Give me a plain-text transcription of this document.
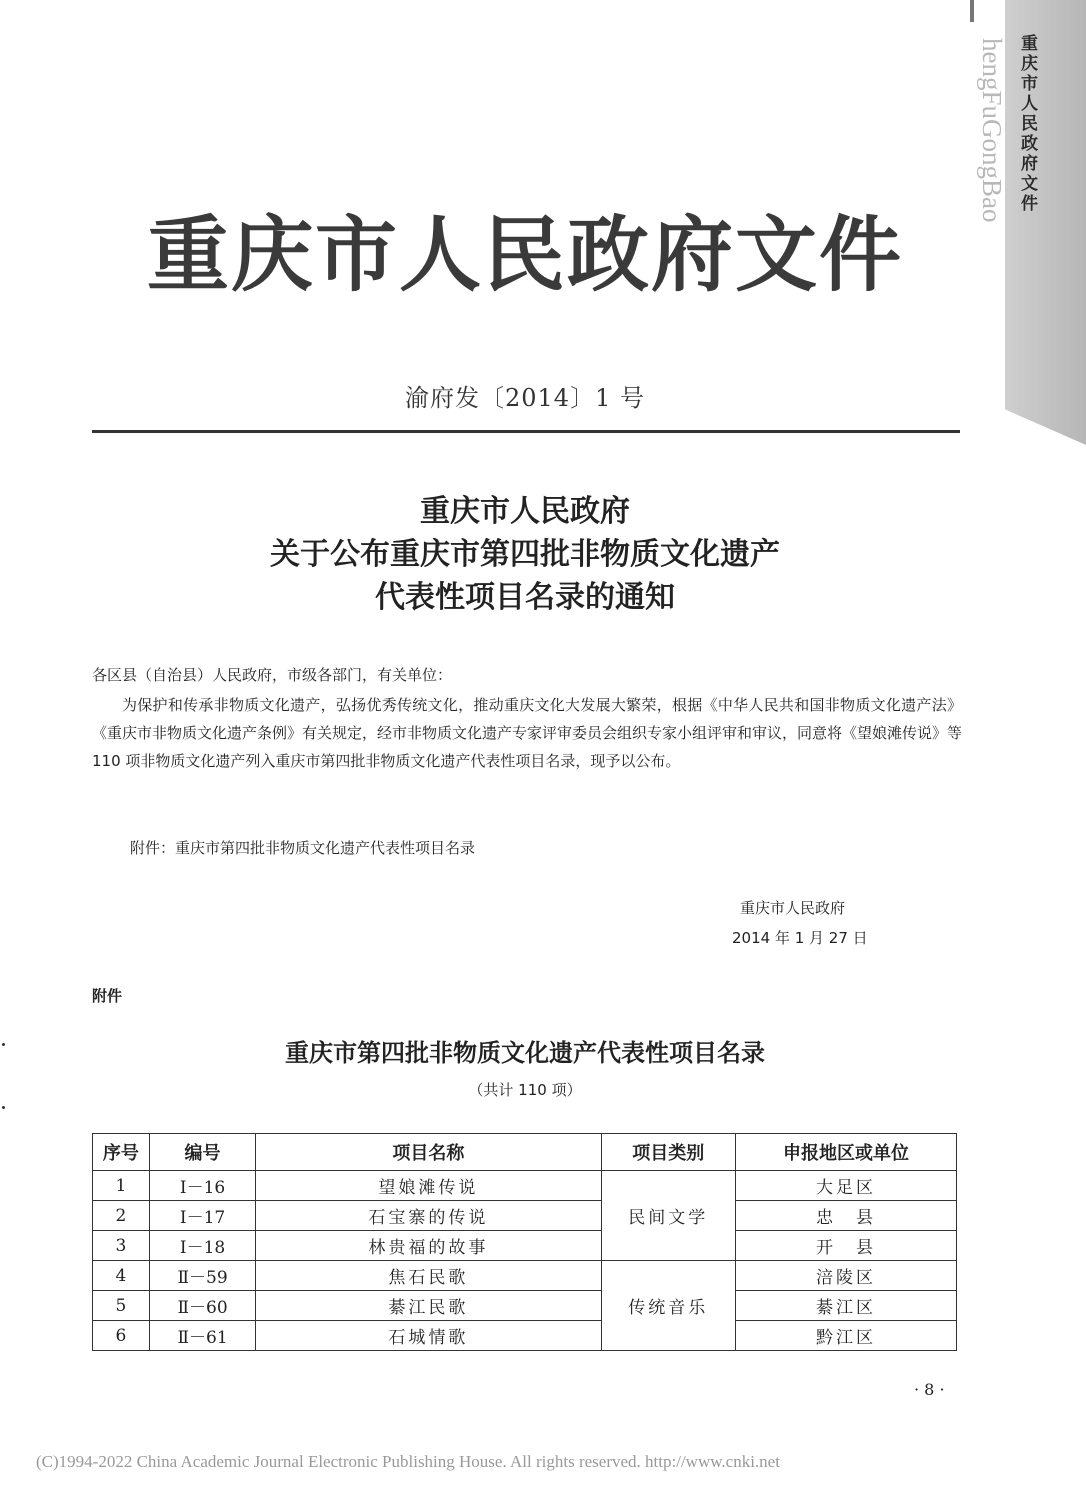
重庆市人民政府文件
hengFuGongBao
重庆市人民政府文件
渝府发〔2014〕1 号
重庆市人民政府
关于公布重庆市第四批非物质文化遗产
代表性项目名录的通知
各区县（自治县）人民政府，市级各部门，有关单位：
为保护和传承非物质文化遗产，弘扬优秀传统文化，推动重庆文化大发展大繁荣，根据《中华人民共和国非物质文化遗产法》《重庆市非物质文化遗产条例》有关规定，经市非物质文化遗产专家评审委员会组织专家小组评审和审议，同意将《望娘滩传说》等 110 项非物质文化遗产列入重庆市第四批非物质文化遗产代表性项目名录，现予以公布。
附件：重庆市第四批非物质文化遗产代表性项目名录
重庆市人民政府
2014 年 1 月 27 日
附件
重庆市第四批非物质文化遗产代表性项目名录
（共计 110 项）
序号	编号	项目名称	项目类别	申报地区或单位
1	Ⅰ－16	望娘滩传说	民间文学	大足区
2	Ⅰ－17	石宝寨的传说		忠　县
3	Ⅰ－18	林贵福的故事		开　县
4	Ⅱ－59	焦石民歌	传统音乐	涪陵区
5	Ⅱ－60	綦江民歌		綦江区
6	Ⅱ－61	石城情歌		黔江区
· 8 ·
(C)1994-2022 China Academic Journal Electronic Publishing House. All rights reserved. http://www.cnki.net
